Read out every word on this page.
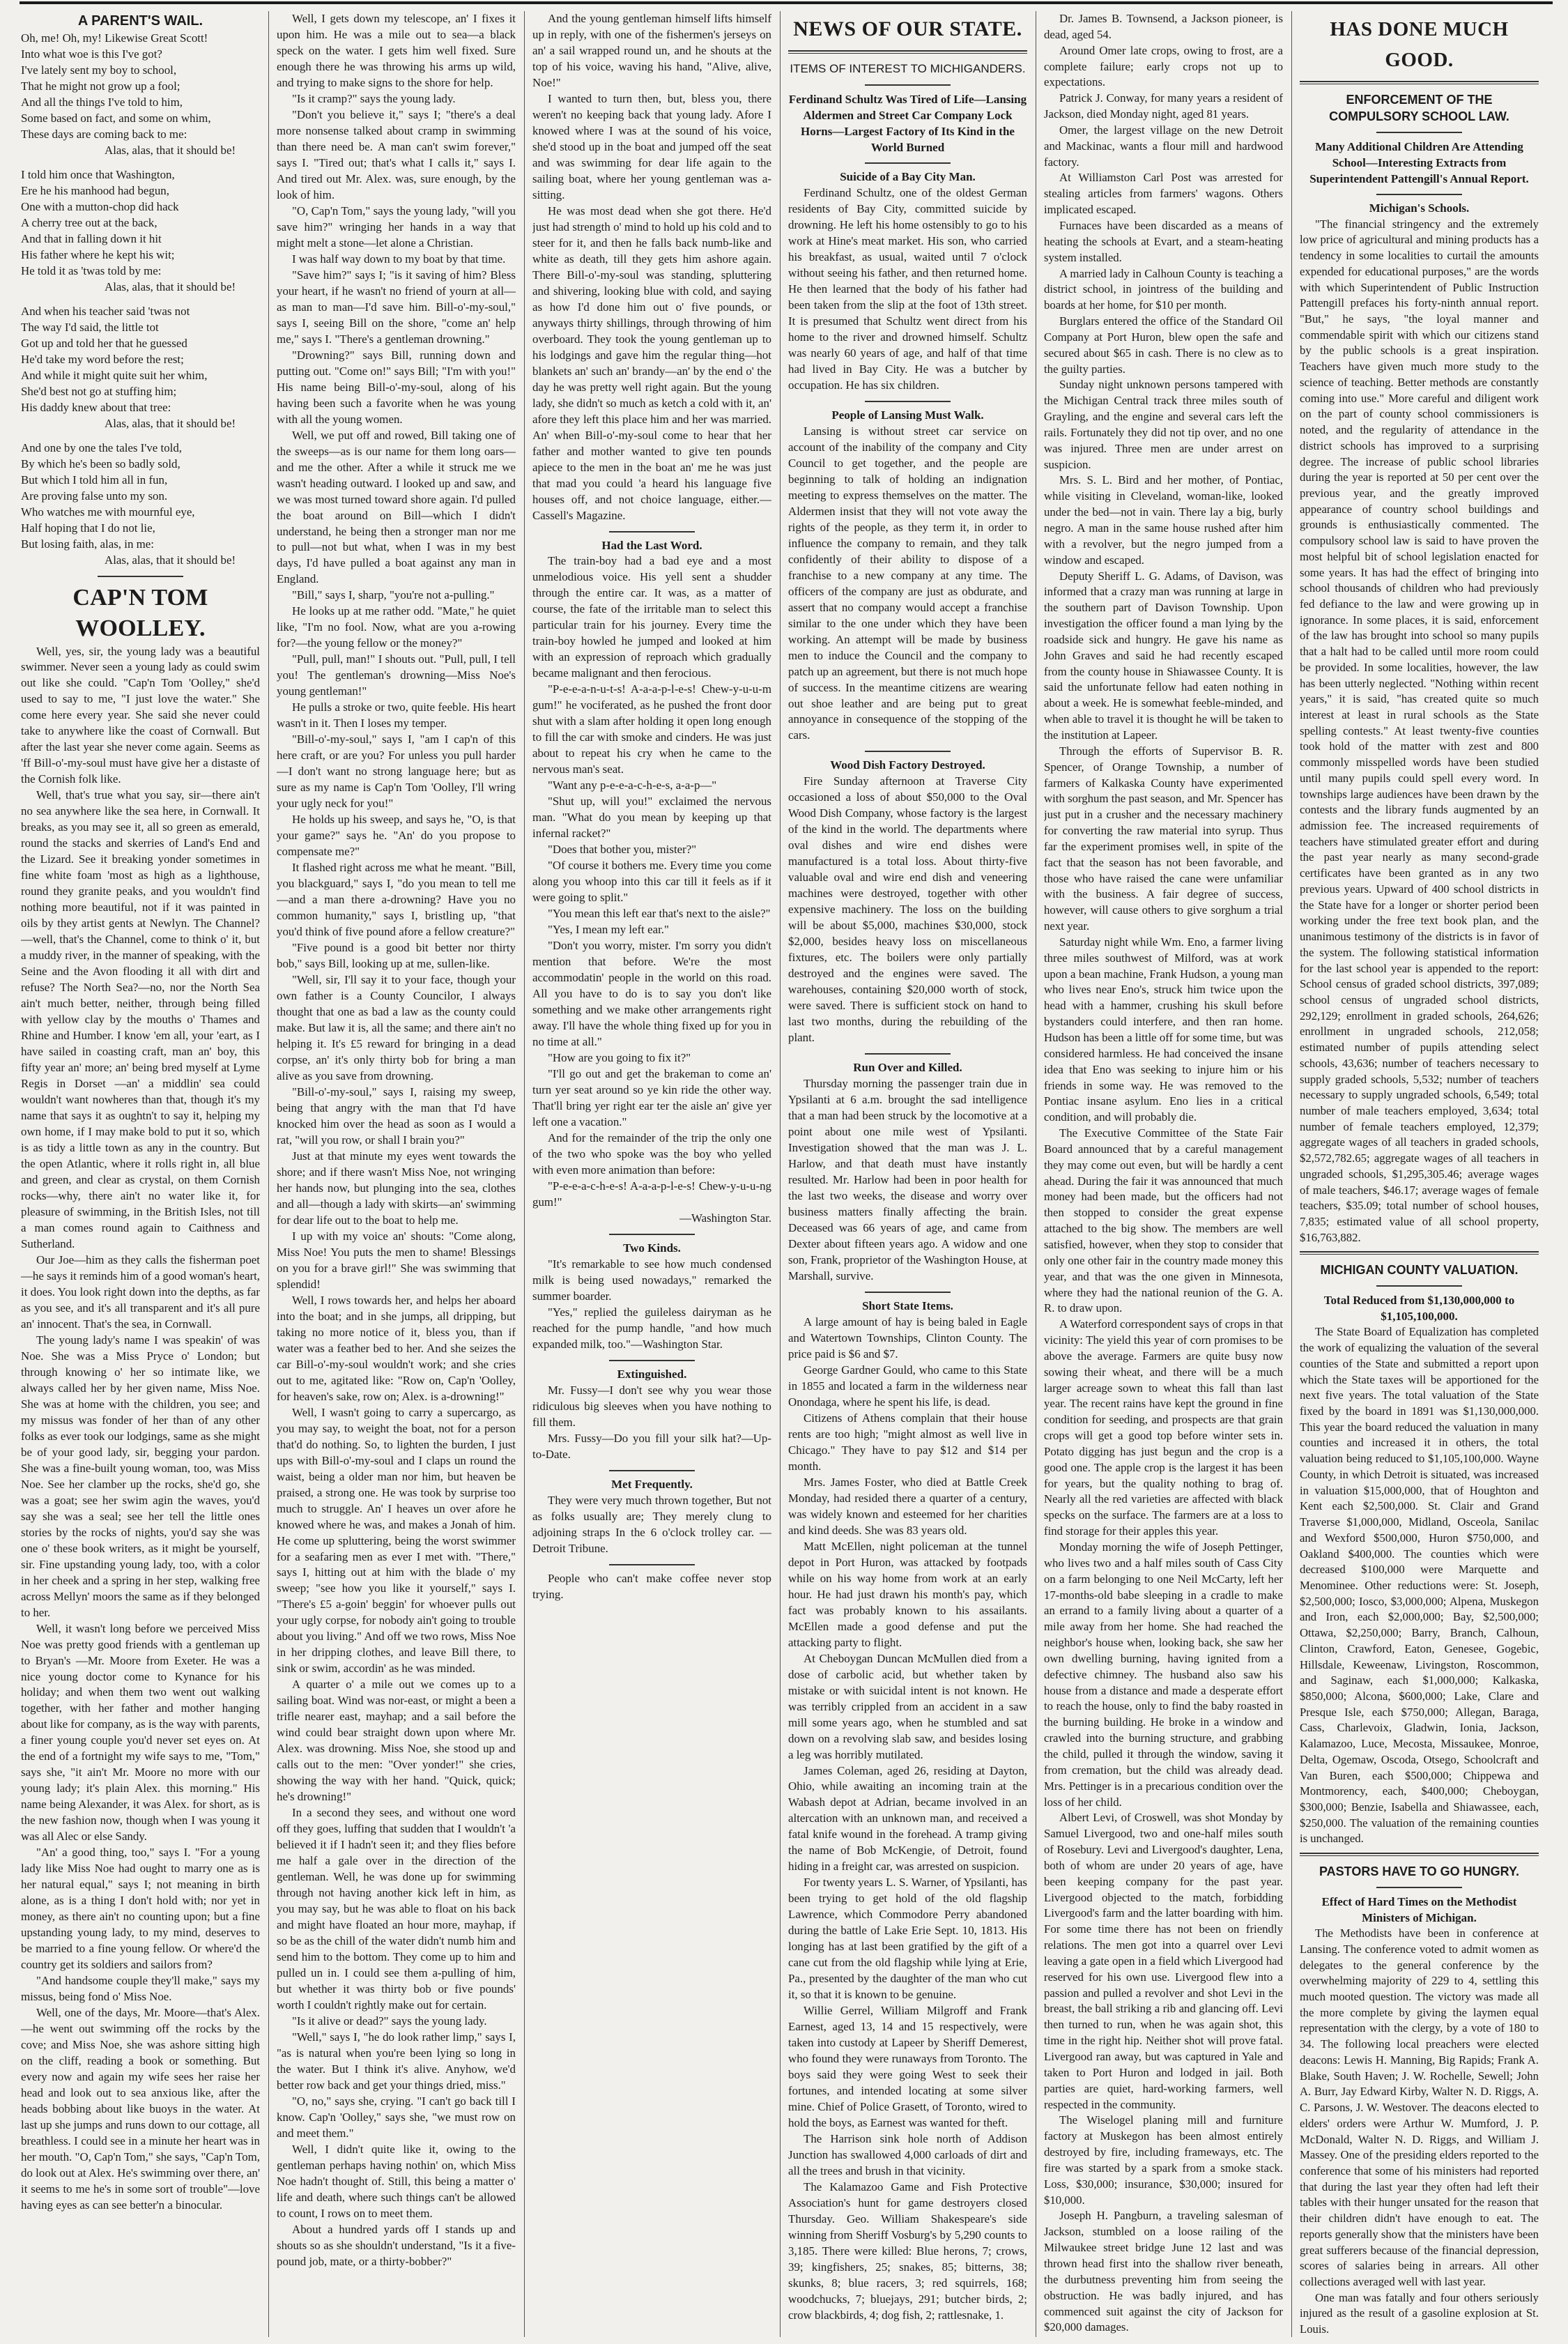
A PARENT'S WAIL.

Oh, me! Oh, my! Likewise Great Scott!

Into what woe is this I've got?

I've lately sent my boy to school,

That he might not grow up a fool;

And all the things I've told to him,

Some based on fact, and some on whim,

These days are coming back to me:

Alas, alas, that it should be!

I told him once that Washington,

Ere he his manhood had begun,

One with a mutton-chop did hack

A cherry tree out at the back,

And that in falling down it hit

His father where he kept his wit;

He told it as 'twas told by me:

Alas, alas, that it should be!

And when his teacher said 'twas not

The way I'd said, the little tot

Got up and told her that he guessed

He'd take my word before the rest;

And while it might quite suit her whim,

She'd best not go at stuffing him;

His daddy knew about that tree:

Alas, alas, that it should be!

And one by one the tales I've told,

By which he's been so badly sold,

But which I told him all in fun,

Are proving false unto my son.

Who watches me with mournful eye,

Half hoping that I do not lie,

But losing faith, alas, in me:

Alas, alas, that it should be!

CAP'N TOM WOOLLEY.

Well, yes, sir, the young lady was a beautiful swimmer. Never seen a young lady as could swim out like she could. "Cap'n Tom 'Oolley," she'd used to say to me, "I just love the water." She come here every year. She said she never could take to anywhere like the coast of Cornwall. But after the last year she never come again. Seems as 'ff Bill-o'-my-soul must have give her a distaste of the Cornish folk like.

Well, that's true what you say, sir—there ain't no sea anywhere like the sea here, in Cornwall. It breaks, as you may see it, all so green as emerald, round the stacks and skerries of Land's End and the Lizard. See it breaking yonder sometimes in fine white foam 'most as high as a lighthouse, round they granite peaks, and you wouldn't find nothing more beautiful, not if it was painted in oils by they artist gents at Newlyn. The Channel?—well, that's the Channel, come to think o' it, but a muddy river, in the manner of speaking, with the Seine and the Avon flooding it all with dirt and refuse? The North Sea?—no, nor the North Sea ain't much better, neither, through being filled with yellow clay by the mouths o' Thames and Rhine and Humber. I know 'em all, your 'eart, as I have sailed in coasting craft, man an' boy, this fifty year an' more; an' being bred myself at Lyme Regis in Dorset —an' a middlin' sea could wouldn't want nowheres than that, though it's my name that says it as oughtn't to say it, helping my own home, if I may make bold to put it so, which is as tidy a little town as any in the country. But the open Atlantic, where it rolls right in, all blue and green, and clear as crystal, on them Cornish rocks—why, there ain't no water like it, for pleasure of swimming, in the British Isles, not till a man comes round again to Caithness and Sutherland.

Our Joe—him as they calls the fisherman poet—he says it reminds him of a good woman's heart, it does. You look right down into the depths, as far as you see, and it's all transparent and it's all pure an' innocent. That's the sea, in Cornwall.

The young lady's name I was speakin' of was Noe. She was a Miss Pryce o' London; but through knowing o' her so intimate like, we always called her by her given name, Miss Noe. She was at home with the children, you see; and my missus was fonder of her than of any other folks as ever took our lodgings, same as she might be of your good lady, sir, begging your pardon. She was a fine-built young woman, too, was Miss Noe. See her clamber up the rocks, she'd go, she was a goat; see her swim agin the waves, you'd say she was a seal; see her tell the little ones stories by the rocks of nights, you'd say she was one o' these book writers, as it might be yourself, sir. Fine upstanding young lady, too, with a color in her cheek and a spring in her step, walking free across Mellyn' moors the same as if they belonged to her.

Well, it wasn't long before we perceived Miss Noe was pretty good friends with a gentleman up to Bryan's —Mr. Moore from Exeter. He was a nice young doctor come to Kynance for his holiday; and when them two went out walking together, with her father and mother hanging about like for company, as is the way with parents, a finer young couple you'd never set eyes on. At the end of a fortnight my wife says to me, "Tom," says she, "it ain't Mr. Moore no more with our young lady; it's plain Alex. this morning." His name being Alexander, it was Alex. for short, as is the new fashion now, though when I was young it was all Alec or else Sandy.

"An' a good thing, too," says I. "For a young lady like Miss Noe had ought to marry one as is her natural equal," says I; not meaning in birth alone, as is a thing I don't hold with; nor yet in money, as there ain't no counting upon; but a fine upstanding young lady, to my mind, deserves to be married to a fine young fellow. Or where'd the country get its soldiers and sailors from?

"And handsome couple they'll make," says my missus, being fond o' Miss Noe.

Well, one of the days, Mr. Moore—that's Alex.—he went out swimming off the rocks by the cove; and Miss Noe, she was ashore sitting high on the cliff, reading a book or something. But every now and again my wife sees her raise her head and look out to sea anxious like, after the heads bobbing about like buoys in the water. At last up she jumps and runs down to our cottage, all breathless. I could see in a minute her heart was in her mouth. "O, Cap'n Tom," she says, "Cap'n Tom, do look out at Alex. He's swimming over there, an' it seems to me he's in some sort of trouble"—love having eyes as can see better'n a binocular.

Well, I gets down my telescope, an' I fixes it upon him. He was a mile out to sea—a black speck on the water. I gets him well fixed. Sure enough there he was throwing his arms up wild, and trying to make signs to the shore for help.

"Is it cramp?" says the young lady.

"Don't you believe it," says I; "there's a deal more nonsense talked about cramp in swimming than there need be. A man can't swim forever," says I. "Tired out; that's what I calls it," says I. And tired out Mr. Alex. was, sure enough, by the look of him.

"O, Cap'n Tom," says the young lady, "will you save him?" wringing her hands in a way that might melt a stone—let alone a Christian.

I was half way down to my boat by that time.

"Save him?" says I; "is it saving of him? Bless your heart, if he wasn't no friend of yourn at all—as man to man—I'd save him. Bill-o'-my-soul," says I, seeing Bill on the shore, "come an' help me," says I. "There's a gentleman drowning."

"Drowning?" says Bill, running down and putting out. "Come on!" says Bill; "I'm with you!" His name being Bill-o'-my-soul, along of his having been such a favorite when he was young with all the young women.

Well, we put off and rowed, Bill taking one of the sweeps—as is our name for them long oars—and me the other. After a while it struck me we wasn't heading outward. I looked up and saw, and we was most turned toward shore again. I'd pulled the boat around on Bill—which I didn't understand, he being then a stronger man nor me to pull—not but what, when I was in my best days, I'd have pulled a boat against any man in England.

"Bill," says I, sharp, "you're not a-pulling."

He looks up at me rather odd. "Mate," he quiet like, "I'm no fool. Now, what are you a-rowing for?—the young fellow or the money?"

"Pull, pull, man!" I shouts out. "Pull, pull, I tell you! The gentleman's drowning—Miss Noe's young gentleman!"

He pulls a stroke or two, quite feeble. His heart wasn't in it. Then I loses my temper.

"Bill-o'-my-soul," says I, "am I cap'n of this here craft, or are you? For unless you pull harder—I don't want no strong language here; but as sure as my name is Cap'n Tom 'Oolley, I'll wring your ugly neck for you!"

He holds up his sweep, and says he, "O, is that your game?" says he. "An' do you propose to compensate me?"

It flashed right across me what he meant. "Bill, you blackguard," says I, "do you mean to tell me—and a man there a-drowning? Have you no common humanity," says I, bristling up, "that you'd think of five pound afore a fellow creature?"

"Five pound is a good bit better nor thirty bob," says Bill, looking up at me, sullen-like.

"Well, sir, I'll say it to your face, though your own father is a County Councilor, I always thought that one as bad a law as the county could make. But law it is, all the same; and there ain't no helping it. It's £5 reward for bringing in a dead corpse, an' it's only thirty bob for bring a man alive as you save from drowning.

"Bill-o'-my-soul," says I, raising my sweep, being that angry with the man that I'd have knocked him over the head as soon as I would a rat, "will you row, or shall I brain you?"

Just at that minute my eyes went towards the shore; and if there wasn't Miss Noe, not wringing her hands now, but plunging into the sea, clothes and all—though a lady with skirts—an' swimming for dear life out to the boat to help me.

I up with my voice an' shouts: "Come along, Miss Noe! You puts the men to shame! Blessings on you for a brave girl!" She was swimming that splendid!

Well, I rows towards her, and helps her aboard into the boat; and in she jumps, all dripping, but taking no more notice of it, bless you, than if water was a feather bed to her. And she seizes the car Bill-o'-my-soul wouldn't work; and she cries out to me, agitated like: "Row on, Cap'n 'Oolley, for heaven's sake, row on; Alex. is a-drowning!"

Well, I wasn't going to carry a supercargo, as you may say, to weight the boat, not for a person that'd do nothing. So, to lighten the burden, I just ups with Bill-o'-my-soul and I claps un round the waist, being a older man nor him, but heaven be praised, a strong one. He was took by surprise too much to struggle. An' I heaves un over afore he knowed where he was, and makes a Jonah of him. He come up spluttering, being the worst swimmer for a seafaring men as ever I met with. "There," says I, hitting out at him with the blade o' my sweep; "see how you like it yourself," says I. "There's £5 a-goin' beggin' for whoever pulls out your ugly corpse, for nobody ain't going to trouble about you living." And off we two rows, Miss Noe in her dripping clothes, and leave Bill there, to sink or swim, accordin' as he was minded.

A quarter o' a mile out we comes up to a sailing boat. Wind was nor-east, or might a been a trifle nearer east, mayhap; and a sail before the wind could bear straight down upon where Mr. Alex. was drowning. Miss Noe, she stood up and calls out to the men: "Over yonder!" she cries, showing the way with her hand. "Quick, quick; he's drowning!"

In a second they sees, and without one word off they goes, luffing that sudden that I wouldn't 'a believed it if I hadn't seen it; and they flies before me half a gale over in the direction of the gentleman. Well, he was done up for swimming through not having another kick left in him, as you may say, but he was able to float on his back and might have floated an hour more, mayhap, if so be as the chill of the water didn't numb him and send him to the bottom. They come up to him and pulled un in. I could see them a-pulling of him, but whether it was thirty bob or five pounds' worth I couldn't rightly make out for certain.

"Is it alive or dead?" says the young lady.

"Well," says I, "he do look rather limp," says I, "as is natural when you're been lying so long in the water. But I think it's alive. Anyhow, we'd better row back and get your things dried, miss."

"O, no," says she, crying. "I can't go back till I know. Cap'n 'Oolley," says she, "we must row on and meet them."

Well, I didn't quite like it, owing to the gentleman perhaps having nothin' on, which Miss Noe hadn't thought of. Still, this being a matter o' life and death, where such things can't be allowed to count, I rows on to meet them.

About a hundred yards off I stands up and shouts so as she shouldn't understand, "Is it a five-pound job, mate, or a thirty-bobber?"

And the young gentleman himself lifts himself up in reply, with one of the fishermen's jerseys on an' a sail wrapped round un, and he shouts at the top of his voice, waving his hand, "Alive, alive, Noe!"

I wanted to turn then, but, bless you, there weren't no keeping back that young lady. Afore I knowed where I was at the sound of his voice, she'd stood up in the boat and jumped off the seat and was swimming for dear life again to the sailing boat, where her young gentleman was a-sitting.

He was most dead when she got there. He'd just had strength o' mind to hold up his cold and to steer for it, and then he falls back numb-like and white as death, till they gets him ashore again. There Bill-o'-my-soul was standing, spluttering and shivering, looking blue with cold, and saying as how I'd done him out o' five pounds, or anyways thirty shillings, through throwing of him overboard. They took the young gentleman up to his lodgings and gave him the regular thing—hot blankets an' such an' brandy—an' by the end o' the day he was pretty well right again. But the young lady, she didn't so much as ketch a cold with it, an' afore they left this place him and her was married. An' when Bill-o'-my-soul come to hear that her father and mother wanted to give ten pounds apiece to the men in the boat an' me he was just that mad you could 'a heard his language five houses off, and not choice language, either.—Cassell's Magazine.

Had the Last Word.

The train-boy had a bad eye and a most unmelodious voice. His yell sent a shudder through the entire car. It was, as a matter of course, the fate of the irritable man to select this particular train for his journey. Every time the train-boy howled he jumped and looked at him with an expression of reproach which gradually became malignant and then ferocious.

"P-e-e-a-n-u-t-s! A-a-a-p-l-e-s! Chew-y-u-u-m gum!" he vociferated, as he pushed the front door shut with a slam after holding it open long enough to fill the car with smoke and cinders. He was just about to repeat his cry when he came to the nervous man's seat.

"Want any p-e-e-a-c-h-e-s, a-a-p—"

"Shut up, will you!" exclaimed the nervous man. "What do you mean by keeping up that infernal racket?"

"Does that bother you, mister?"

"Of course it bothers me. Every time you come along you whoop into this car till it feels as if it were going to split."

"You mean this left ear that's next to the aisle?"

"Yes, I mean my left ear."

"Don't you worry, mister. I'm sorry you didn't mention that before. We're the most accommodatin' people in the world on this road. All you have to do is to say you don't like something and we make other arrangements right away. I'll have the whole thing fixed up for you in no time at all."

"How are you going to fix it?"

"I'll go out and get the brakeman to come an' turn yer seat around so ye kin ride the other way. That'll bring yer right ear ter the aisle an' give yer left one a vacation."

And for the remainder of the trip the only one of the two who spoke was the boy who yelled with even more animation than before:

"P-e-e-a-c-h-e-s! A-a-a-p-l-e-s! Chew-y-u-u-ng gum!"

—Washington Star.

Two Kinds.

"It's remarkable to see how much condensed milk is being used nowadays," remarked the summer boarder.

"Yes," replied the guileless dairyman as he reached for the pump handle, "and how much expanded milk, too."—Washington Star.

Extinguished.

Mr. Fussy—I don't see why you wear those ridiculous big sleeves when you have nothing to fill them.

Mrs. Fussy—Do you fill your silk hat?—Up-to-Date.

Met Frequently.

They were very much thrown together, But not as folks usually are; They merely clung to adjoining straps In the 6 o'clock trolley car. —Detroit Tribune.

People who can't make coffee never stop trying.

NEWS OF OUR STATE.

ITEMS OF INTEREST TO MICHIGANDERS.

Ferdinand Schultz Was Tired of Life—Lansing Aldermen and Street Car Company Lock Horns—Largest Factory of Its Kind in the World Burned

Suicide of a Bay City Man.

Ferdinand Schultz, one of the oldest German residents of Bay City, committed suicide by drowning. He left his home ostensibly to go to his work at Hine's meat market. His son, who carried his breakfast, as usual, waited until 7 o'clock without seeing his father, and then returned home. He then learned that the body of his father had been taken from the slip at the foot of 13th street. It is presumed that Schultz went direct from his home to the river and drowned himself. Schultz was nearly 60 years of age, and half of that time had lived in Bay City. He was a butcher by occupation. He has six children.

People of Lansing Must Walk.

Lansing is without street car service on account of the inability of the company and City Council to get together, and the people are beginning to talk of holding an indignation meeting to express themselves on the matter. The Aldermen insist that they will not vote away the rights of the people, as they term it, in order to influence the company to remain, and they talk confidently of their ability to dispose of a franchise to a new company at any time. The officers of the company are just as obdurate, and assert that no company would accept a franchise similar to the one under which they have been working. An attempt will be made by business men to induce the Council and the company to patch up an agreement, but there is not much hope of success. In the meantime citizens are wearing out shoe leather and are being put to great annoyance in consequence of the stopping of the cars.

Wood Dish Factory Destroyed.

Fire Sunday afternoon at Traverse City occasioned a loss of about $50,000 to the Oval Wood Dish Company, whose factory is the largest of the kind in the world. The departments where oval dishes and wire end dishes were manufactured is a total loss. About thirty-five valuable oval and wire end dish and veneering machines were destroyed, together with other expensive machinery. The loss on the building will be about $5,000, machines $30,000, stock $2,000, besides heavy loss on miscellaneous fixtures, etc. The boilers were only partially destroyed and the engines were saved. The warehouses, containing $20,000 worth of stock, were saved. There is sufficient stock on hand to last two months, during the rebuilding of the plant.

Run Over and Killed.

Thursday morning the passenger train due in Ypsilanti at 6 a.m. brought the sad intelligence that a man had been struck by the locomotive at a point about one mile west of Ypsilanti. Investigation showed that the man was J. L. Harlow, and that death must have instantly resulted. Mr. Harlow had been in poor health for the last two weeks, the disease and worry over business matters finally affecting the brain. Deceased was 66 years of age, and came from Dexter about fifteen years ago. A widow and one son, Frank, proprietor of the Washington House, at Marshall, survive.

Short State Items.

A large amount of hay is being baled in Eagle and Watertown Townships, Clinton County. The price paid is $6 and $7.

George Gardner Gould, who came to this State in 1855 and located a farm in the wilderness near Onondaga, where he spent his life, is dead.

Citizens of Athens complain that their house rents are too high; "might almost as well live in Chicago." They have to pay $12 and $14 per month.

Mrs. James Foster, who died at Battle Creek Monday, had resided there a quarter of a century, was widely known and esteemed for her charities and kind deeds. She was 83 years old.

Matt McEllen, night policeman at the tunnel depot in Port Huron, was attacked by footpads while on his way home from work at an early hour. He had just drawn his month's pay, which fact was probably known to his assailants. McEllen made a good defense and put the attacking party to flight.

At Cheboygan Duncan McMullen died from a dose of carbolic acid, but whether taken by mistake or with suicidal intent is not known. He was terribly crippled from an accident in a saw mill some years ago, when he stumbled and sat down on a revolving slab saw, and besides losing a leg was horribly mutilated.

James Coleman, aged 26, residing at Dayton, Ohio, while awaiting an incoming train at the Wabash depot at Adrian, became involved in an altercation with an unknown man, and received a fatal knife wound in the forehead. A tramp giving the name of Bob McKengie, of Detroit, found hiding in a freight car, was arrested on suspicion.

For twenty years L. S. Warner, of Ypsilanti, has been trying to get hold of the old flagship Lawrence, which Commodore Perry abandoned during the battle of Lake Erie Sept. 10, 1813. His longing has at last been gratified by the gift of a cane cut from the old flagship while lying at Erie, Pa., presented by the daughter of the man who cut it, so that it is known to be genuine.

Willie Gerrel, William Milgroff and Frank Earnest, aged 13, 14 and 15 respectively, were taken into custody at Lapeer by Sheriff Demerest, who found they were runaways from Toronto. The boys said they were going West to seek their fortunes, and intended locating at some silver mine. Chief of Police Grasett, of Toronto, wired to hold the boys, as Earnest was wanted for theft.

The Harrison sink hole north of Addison Junction has swallowed 4,000 carloads of dirt and all the trees and brush in that vicinity.

The Kalamazoo Game and Fish Protective Association's hunt for game destroyers closed Thursday. Geo. William Shakespeare's side winning from Sheriff Vosburg's by 5,290 counts to 3,185. There were killed: Blue herons, 7; crows, 39; kingfishers, 25; snakes, 85; bitterns, 38; skunks, 8; blue racers, 3; red squirrels, 168; woodchucks, 7; bluejays, 291; butcher birds, 2; crow blackbirds, 4; dog fish, 2; rattlesnake, 1.

Dr. James B. Townsend, a Jackson pioneer, is dead, aged 54.

Around Omer late crops, owing to frost, are a complete failure; early crops not up to expectations.

Patrick J. Conway, for many years a resident of Jackson, died Monday night, aged 81 years.

Omer, the largest village on the new Detroit and Mackinac, wants a flour mill and hardwood factory.

At Williamston Carl Post was arrested for stealing articles from farmers' wagons. Others implicated escaped.

Furnaces have been discarded as a means of heating the schools at Evart, and a steam-heating system installed.

A married lady in Calhoun County is teaching a district school, in jointress of the building and boards at her home, for $10 per month.

Burglars entered the office of the Standard Oil Company at Port Huron, blew open the safe and secured about $65 in cash. There is no clew as to the guilty parties.

Sunday night unknown persons tampered with the Michigan Central track three miles south of Grayling, and the engine and several cars left the rails. Fortunately they did not tip over, and no one was injured. Three men are under arrest on suspicion.

Mrs. S. L. Bird and her mother, of Pontiac, while visiting in Cleveland, woman-like, looked under the bed—not in vain. There lay a big, burly negro. A man in the same house rushed after him with a revolver, but the negro jumped from a window and escaped.

Deputy Sheriff L. G. Adams, of Davison, was informed that a crazy man was running at large in the southern part of Davison Township. Upon investigation the officer found a man lying by the roadside sick and hungry. He gave his name as John Graves and said he had recently escaped from the county house in Shiawassee County. It is said the unfortunate fellow had eaten nothing in about a week. He is somewhat feeble-minded, and when able to travel it is thought he will be taken to the institution at Lapeer.

Through the efforts of Supervisor B. R. Spencer, of Orange Township, a number of farmers of Kalkaska County have experimented with sorghum the past season, and Mr. Spencer has just put in a crusher and the necessary machinery for converting the raw material into syrup. Thus far the experiment promises well, in spite of the fact that the season has not been favorable, and those who have raised the cane were unfamiliar with the business. A fair degree of success, however, will cause others to give sorghum a trial next year.

Saturday night while Wm. Eno, a farmer living three miles southwest of Milford, was at work upon a bean machine, Frank Hudson, a young man who lives near Eno's, struck him twice upon the head with a hammer, crushing his skull before bystanders could interfere, and then ran home. Hudson has been a little off for some time, but was considered harmless. He had conceived the insane idea that Eno was seeking to injure him or his friends in some way. He was removed to the Pontiac insane asylum. Eno lies in a critical condition, and will probably die.

The Executive Committee of the State Fair Board announced that by a careful management they may come out even, but will be hardly a cent ahead. During the fair it was announced that much money had been made, but the officers had not then stopped to consider the great expense attached to the big show. The members are well satisfied, however, when they stop to consider that only one other fair in the country made money this year, and that was the one given in Minnesota, where they had the national reunion of the G. A. R. to draw upon.

A Waterford correspondent says of crops in that vicinity: The yield this year of corn promises to be above the average. Farmers are quite busy now sowing their wheat, and there will be a much larger acreage sown to wheat this fall than last year. The recent rains have kept the ground in fine condition for seeding, and prospects are that grain crops will get a good top before winter sets in. Potato digging has just begun and the crop is a good one. The apple crop is the largest it has been for years, but the quality nothing to brag of. Nearly all the red varieties are affected with black specks on the surface. The farmers are at a loss to find storage for their apples this year.

Monday morning the wife of Joseph Pettinger, who lives two and a half miles south of Cass City on a farm belonging to one Neil McCarty, left her 17-months-old babe sleeping in a cradle to make an errand to a family living about a quarter of a mile away from her home. She had reached the neighbor's house when, looking back, she saw her own dwelling burning, having ignited from a defective chimney. The husband also saw his house from a distance and made a desperate effort to reach the house, only to find the baby roasted in the burning building. He broke in a window and crawled into the burning structure, and grabbing the child, pulled it through the window, saving it from cremation, but the child was already dead. Mrs. Pettinger is in a precarious condition over the loss of her child.

Albert Levi, of Croswell, was shot Monday by Samuel Livergood, two and one-half miles south of Rosebury. Levi and Livergood's daughter, Lena, both of whom are under 20 years of age, have been keeping company for the past year. Livergood objected to the match, forbidding Livergood's farm and the latter boarding with him. For some time there has not been on friendly relations. The men got into a quarrel over Levi leaving a gate open in a field which Livergood had reserved for his own use. Livergood flew into a passion and pulled a revolver and shot Levi in the breast, the ball striking a rib and glancing off. Levi then turned to run, when he was again shot, this time in the right hip. Neither shot will prove fatal. Livergood ran away, but was captured in Yale and taken to Port Huron and lodged in jail. Both parties are quiet, hard-working farmers, well respected in the community.

The Wiselogel planing mill and furniture factory at Muskegon has been almost entirely destroyed by fire, including frameways, etc. The fire was started by a spark from a smoke stack. Loss, $30,000; insurance, $30,000; insured for $10,000.

Joseph H. Pangburn, a traveling salesman of Jackson, stumbled on a loose railing of the Milwaukee street bridge June 12 last and was thrown head first into the shallow river beneath, the durbutness preventing him from seeing the obstruction. He was badly injured, and has commenced suit against the city of Jackson for $20,000 damages.

HAS DONE MUCH GOOD.

ENFORCEMENT OF THE COMPULSORY SCHOOL LAW.

Many Additional Children Are Attending School—Interesting Extracts from Superintendent Pattengill's Annual Report.

Michigan's Schools.

"The financial stringency and the extremely low price of agricultural and mining products has a tendency in some localities to curtail the amounts expended for educational purposes," are the words with which Superintendent of Public Instruction Pattengill prefaces his forty-ninth annual report. "But," he says, "the loyal manner and commendable spirit with which our citizens stand by the public schools is a great inspiration. Teachers have given much more study to the science of teaching. Better methods are constantly coming into use." More careful and diligent work on the part of county school commissioners is noted, and the regularity of attendance in the district schools has improved to a surprising degree. The increase of public school libraries during the year is reported at 50 per cent over the previous year, and the greatly improved appearance of country school buildings and grounds is enthusiastically commented. The compulsory school law is said to have proven the most helpful bit of school legislation enacted for some years. It has had the effect of bringing into school thousands of children who had previously fed defiance to the law and were growing up in ignorance. In some places, it is said, enforcement of the law has brought into school so many pupils that a halt had to be called until more room could be provided. In some localities, however, the law has been utterly neglected. "Nothing within recent years," it is said, "has created quite so much interest at least in rural schools as the State spelling contests." At least twenty-five counties took hold of the matter with zest and 800 commonly misspelled words have been studied until many pupils could spell every word. In townships large audiences have been drawn by the contests and the library funds augmented by an admission fee. The increased requirements of teachers have stimulated greater effort and during the past year nearly as many second-grade certificates have been granted as in any two previous years. Upward of 400 school districts in the State have for a longer or shorter period been working under the free text book plan, and the unanimous testimony of the districts is in favor of the system. The following statistical information for the last school year is appended to the report: School census of graded school districts, 397,089; school census of ungraded school districts, 292,129; enrollment in graded schools, 264,626; enrollment in ungraded schools, 212,058; estimated number of pupils attending select schools, 43,636; number of teachers necessary to supply graded schools, 5,532; number of teachers necessary to supply ungraded schools, 6,549; total number of male teachers employed, 3,634; total number of female teachers employed, 12,379; aggregate wages of all teachers in graded schools, $2,572,782.65; aggregate wages of all teachers in ungraded schools, $1,295,305.46; average wages of male teachers, $46.17; average wages of female teachers, $35.09; total number of school houses, 7,835; estimated value of all school property, $16,763,882.

MICHIGAN COUNTY VALUATION.

Total Reduced from $1,130,000,000 to $1,105,100,000.

The State Board of Equalization has completed the work of equalizing the valuation of the several counties of the State and submitted a report upon which the State taxes will be apportioned for the next five years. The total valuation of the State fixed by the board in 1891 was $1,130,000,000. This year the board reduced the valuation in many counties and increased it in others, the total valuation being reduced to $1,105,100,000. Wayne County, in which Detroit is situated, was increased in valuation $15,000,000, that of Houghton and Kent each $2,500,000. St. Clair and Grand Traverse $1,000,000, Midland, Osceola, Sanilac and Wexford $500,000, Huron $750,000, and Oakland $400,000. The counties which were decreased $100,000 were Marquette and Menominee. Other reductions were: St. Joseph, $2,500,000; Iosco, $3,000,000; Alpena, Muskegon and Iron, each $2,000,000; Bay, $2,500,000; Ottawa, $2,250,000; Barry, Branch, Calhoun, Clinton, Crawford, Eaton, Genesee, Gogebic, Hillsdale, Keweenaw, Livingston, Roscommon, and Saginaw, each $1,000,000; Kalkaska, $850,000; Alcona, $600,000; Lake, Clare and Presque Isle, each $750,000; Allegan, Baraga, Cass, Charlevoix, Gladwin, Ionia, Jackson, Kalamazoo, Luce, Mecosta, Missaukee, Monroe, Delta, Ogemaw, Oscoda, Otsego, Schoolcraft and Van Buren, each $500,000; Chippewa and Montmorency, each, $400,000; Cheboygan, $300,000; Benzie, Isabella and Shiawassee, each, $250,000. The valuation of the remaining counties is unchanged.

PASTORS HAVE TO GO HUNGRY.

Effect of Hard Times on the Methodist Ministers of Michigan.

The Methodists have been in conference at Lansing. The conference voted to admit women as delegates to the general conference by the overwhelming majority of 229 to 4, settling this much mooted question. The victory was made all the more complete by giving the laymen equal representation with the clergy, by a vote of 180 to 34. The following local preachers were elected deacons: Lewis H. Manning, Big Rapids; Frank A. Blake, South Haven; J. W. Rochelle, Sewell; John A. Burr, Jay Edward Kirby, Walter N. D. Riggs, A. C. Parsons, J. W. Westover. The deacons elected to elders' orders were Arthur W. Mumford, J. P. McDonald, Walter N. D. Riggs, and William J. Massey. One of the presiding elders reported to the conference that some of his ministers had reported that during the last year they often had left their tables with their hunger unsated for the reason that their children didn't have enough to eat. The reports generally show that the ministers have been great sufferers because of the financial depression, scores of salaries being in arrears. All other collections averaged well with last year.

One man was fatally and four others seriously injured as the result of a gasoline explosion at St. Louis.
